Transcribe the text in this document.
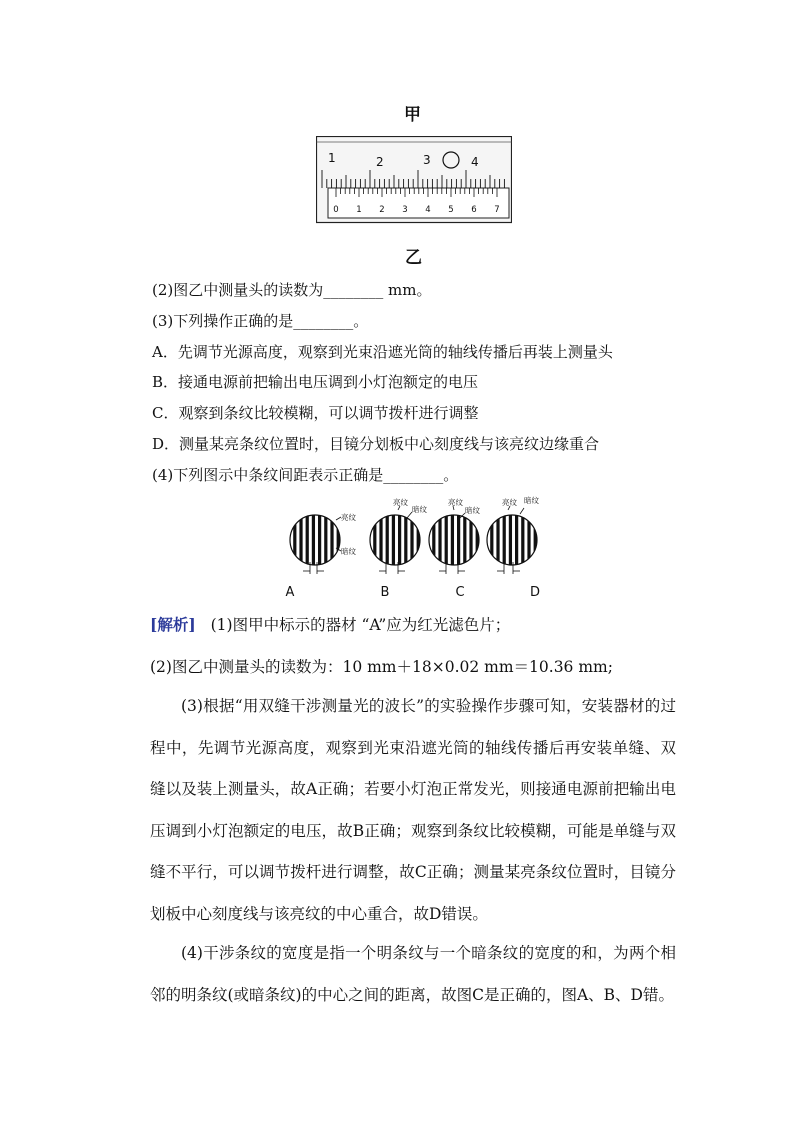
甲
1	2	3	4
0 1 2 3 4 5 6 7
乙
(2)图乙中测量头的读数为________ mm。
(3)下列操作正确的是________。
A．先调节光源高度，观察到光束沿遮光筒的轴线传播后再装上测量头
B．接通电源前把输出电压调到小灯泡额定的电压
C．观察到条纹比较模糊，可以调节拨杆进行调整
D．测量某亮条纹位置时，目镜分划板中心刻度线与该亮纹边缘重合
(4)下列图示中条纹间距表示正确是________。
亮纹
暗纹
亮纹
暗纹
亮纹
暗纹
亮纹 暗纹
A	B	C	D
[解析] (1)图甲中标示的器材 “A”应为红光滤色片；
(2)图乙中测量头的读数为：10 mm＋18×0.02 mm＝10.36 mm;

(3)根据“用双缝干涉测量光的波长”的实验操作步骤可知，安装器材的过程中，先调节光源高度，观察到光束沿遮光筒的轴线传播后再安装单缝、双缝以及装上测量头，故A正确；若要小灯泡正常发光，则接通电源前把输出电压调到小灯泡额定的电压，故B正确；观察到条纹比较模糊，可能是单缝与双缝不平行，可以调节拨杆进行调整，故C正确；测量某亮条纹位置时，目镜分划板中心刻度线与该亮纹的中心重合，故D错误。

(4)干涉条纹的宽度是指一个明条纹与一个暗条纹的宽度的和，为两个相邻的明条纹(或暗条纹)的中心之间的距离，故图C是正确的，图A、B、D错。
